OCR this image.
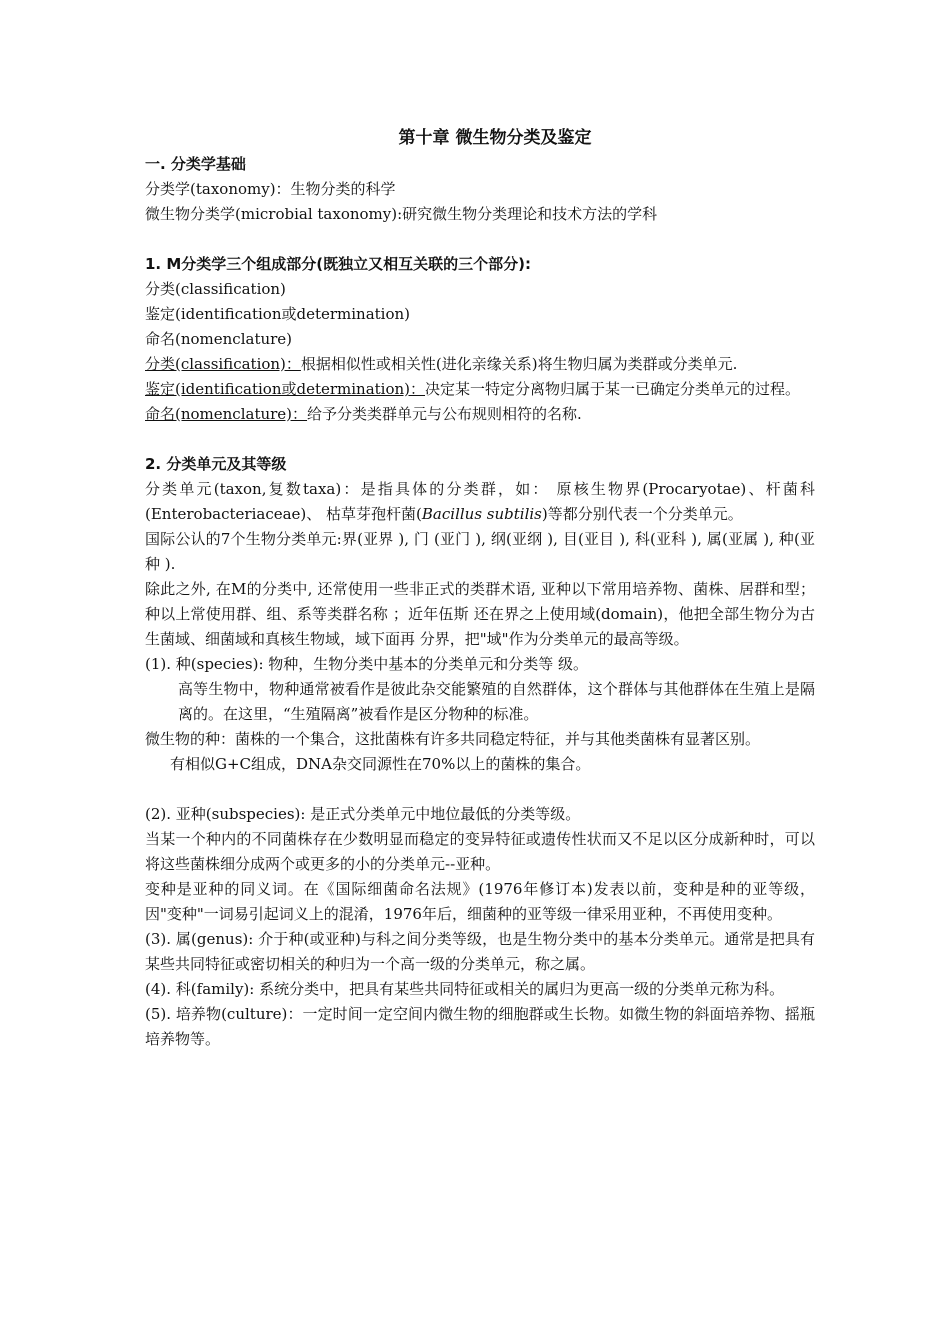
第十章 微生物分类及鉴定

一. 分类学基础

分类学(taxonomy)：生物分类的科学

微生物分类学(microbial taxonomy):研究微生物分类理论和技术方法的学科

1. M分类学三个组成部分(既独立又相互关联的三个部分):

分类(classification)

鉴定(identification或determination)

命名(nomenclature)

分类(classification)：根据相似性或相关性(进化亲缘关系)将生物归属为类群或分类单元.

鉴定(identification或determination)：决定某一特定分离物归属于某一已确定分类单元的过程。

命名(nomenclature)：给予分类类群单元与公布规则相符的名称.

2. 分类单元及其等级

分类单元(taxon,复数taxa)：是指具体的分类群，如： 原核生物界(Procaryotae)、杆菌科(Enterobacteriaceae)、 枯草芽孢杆菌(Bacillus subtilis)等都分别代表一个分类单元。

国际公认的7个生物分类单元:界(亚界 ), 门 (亚门 ), 纲(亚纲 ), 目(亚目 ), 科(亚科 ), 属(亚属 ), 种(亚种 ).

除此之外, 在M的分类中, 还常使用一些非正式的类群术语, 亚种以下常用培养物、菌株、居群和型；种以上常使用群、组、系等类群名称 ；近年伍斯 还在界之上使用域(domain)，他把全部生物分为古生菌域、细菌域和真核生物域，域下面再 分界，把"域"作为分类单元的最高等级。

(1). 种(species): 物种，生物分类中基本的分类单元和分类等 级。

高等生物中，物种通常被看作是彼此杂交能繁殖的自然群体，这个群体与其他群体在生殖上是隔离的。在这里，“生殖隔离”被看作是区分物种的标准。

微生物的种：菌株的一个集合，这批菌株有许多共同稳定特征，并与其他类菌株有显著区别。

有相似G+C组成，DNA杂交同源性在70%以上的菌株的集合。

(2). 亚种(subspecies): 是正式分类单元中地位最低的分类等级。

当某一个种内的不同菌株存在少数明显而稳定的变异特征或遗传性状而又不足以区分成新种时，可以将这些菌株细分成两个或更多的小的分类单元--亚种。

变种是亚种的同义词。在《国际细菌命名法规》(1976年修订本)发表以前，变种是种的亚等级，因"变种"一词易引起词义上的混淆，1976年后，细菌种的亚等级一律采用亚种，不再使用变种。

(3). 属(genus): 介于种(或亚种)与科之间分类等级，也是生物分类中的基本分类单元。通常是把具有某些共同特征或密切相关的种归为一个高一级的分类单元，称之属。

(4). 科(family): 系统分类中，把具有某些共同特征或相关的属归为更高一级的分类单元称为科。

(5). 培养物(culture)：一定时间一定空间内微生物的细胞群或生长物。如微生物的斜面培养物、摇瓶培养物等。
